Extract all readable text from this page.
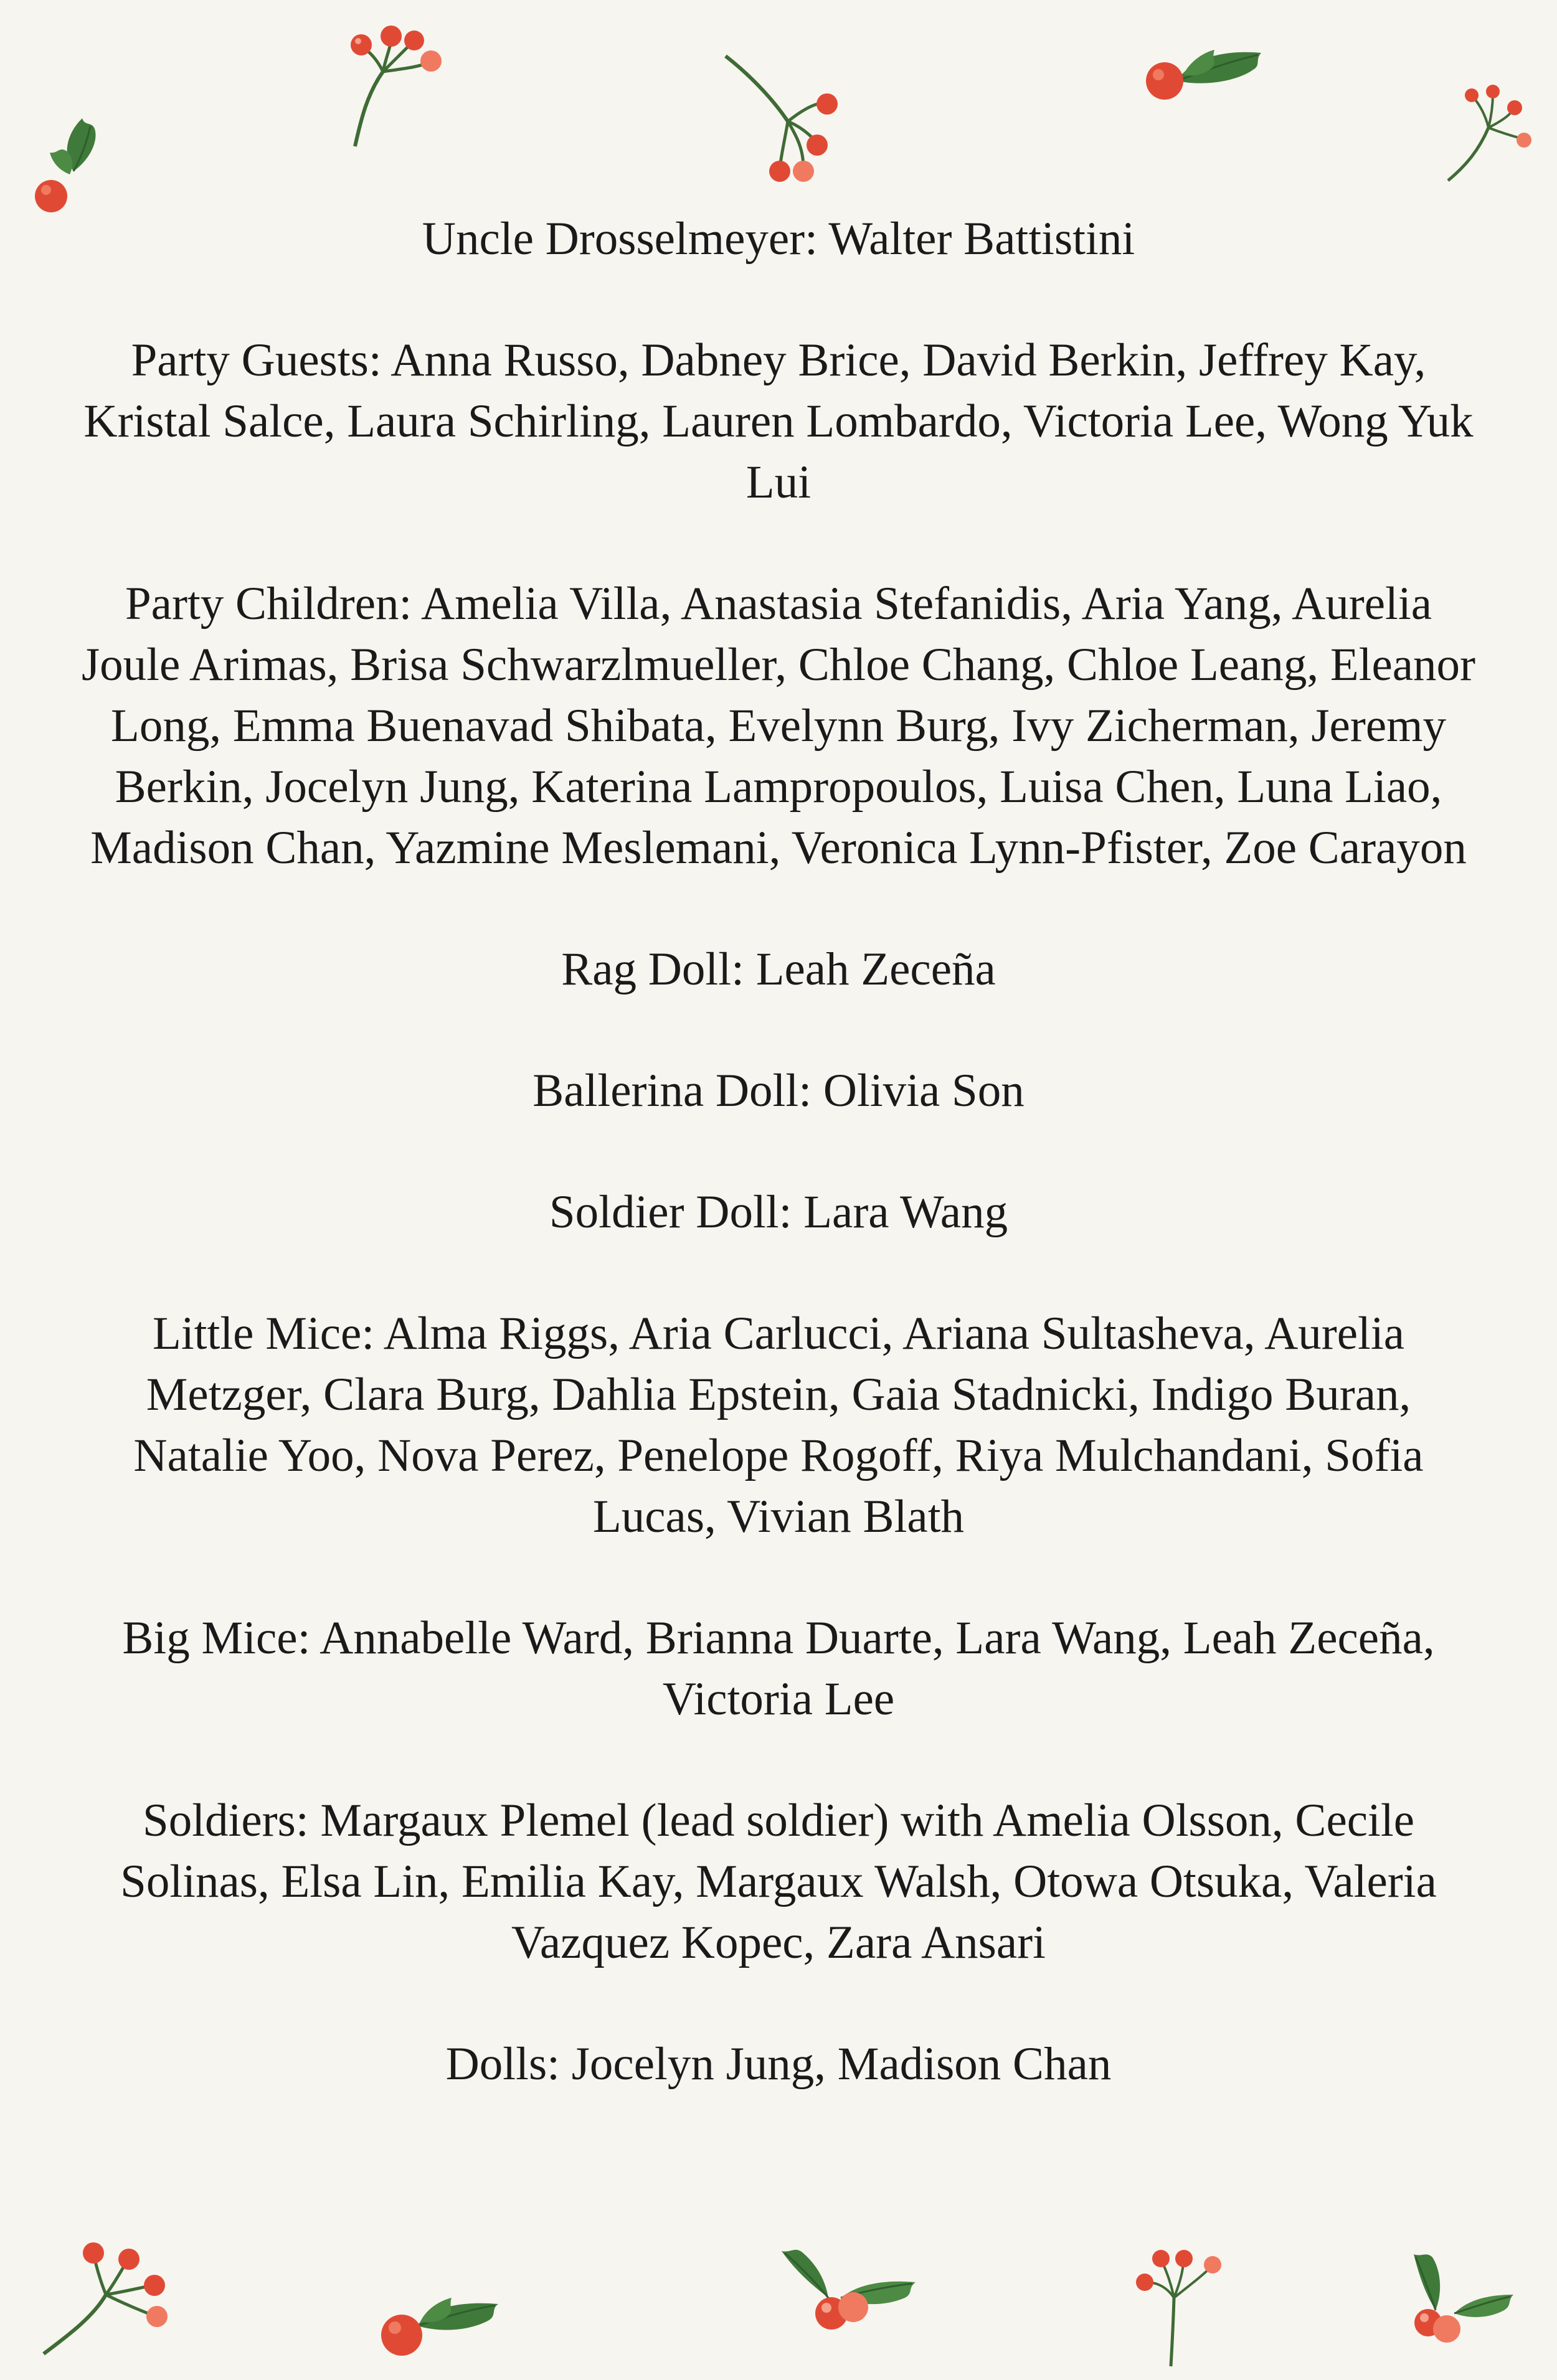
Uncle Drosselmeyer: Walter Battistini

Party Guests: Anna Russo, Dabney Brice, David Berkin, Jeffrey Kay, Kristal Salce, Laura Schirling, Lauren Lombardo, Victoria Lee, Wong Yuk Lui

Party Children: Amelia Villa, Anastasia Stefanidis, Aria Yang, Aurelia Joule Arimas, Brisa Schwarzlmueller, Chloe Chang, Chloe Leang, Eleanor Long, Emma Buenavad Shibata, Evelynn Burg, Ivy Zicherman, Jeremy Berkin, Jocelyn Jung, Katerina Lampropoulos, Luisa Chen, Luna Liao, Madison Chan, Yazmine Meslemani, Veronica Lynn-Pfister, Zoe Carayon

Rag Doll: Leah Zeceña

Ballerina Doll: Olivia Son

Soldier Doll: Lara Wang

Little Mice: Alma Riggs, Aria Carlucci, Ariana Sultasheva, Aurelia Metzger, Clara Burg, Dahlia Epstein, Gaia Stadnicki, Indigo Buran, Natalie Yoo, Nova Perez, Penelope Rogoff, Riya Mulchandani, Sofia Lucas, Vivian Blath

Big Mice: Annabelle Ward, Brianna Duarte, Lara Wang, Leah Zeceña, Victoria Lee

Soldiers: Margaux Plemel (lead soldier) with Amelia Olsson, Cecile Solinas, Elsa Lin, Emilia Kay, Margaux Walsh, Otowa Otsuka, Valeria Vazquez Kopec, Zara Ansari

Dolls: Jocelyn Jung, Madison Chan
